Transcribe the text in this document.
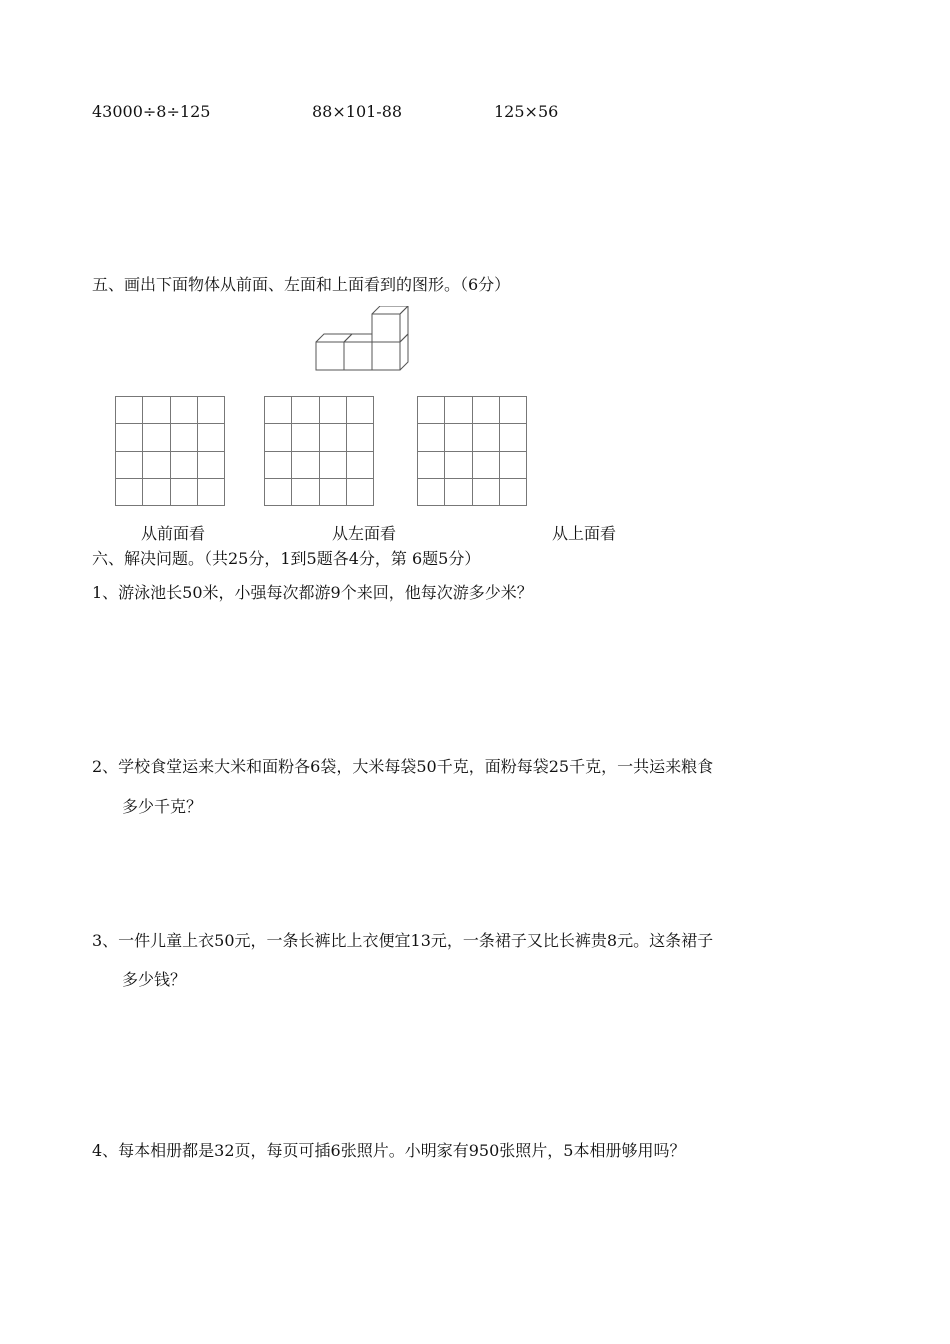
43000÷8÷125	88×101-88	125×56
五、画出下面物体从前面、左面和上面看到的图形。（6分）
从前面看	从左面看	从上面看
六、解决问题。（共25分，1到5题各4分，第 6题5分）
1、游泳池长50米，小强每次都游9个来回，他每次游多少米？
2、学校食堂运来大米和面粉各6袋，大米每袋50千克，面粉每袋25千克，一共运来粮食
多少千克？
3、一件儿童上衣50元，一条长裤比上衣便宜13元，一条裙子又比长裤贵8元。这条裙子
多少钱？
4、每本相册都是32页，每页可插6张照片。小明家有950张照片，5本相册够用吗？
